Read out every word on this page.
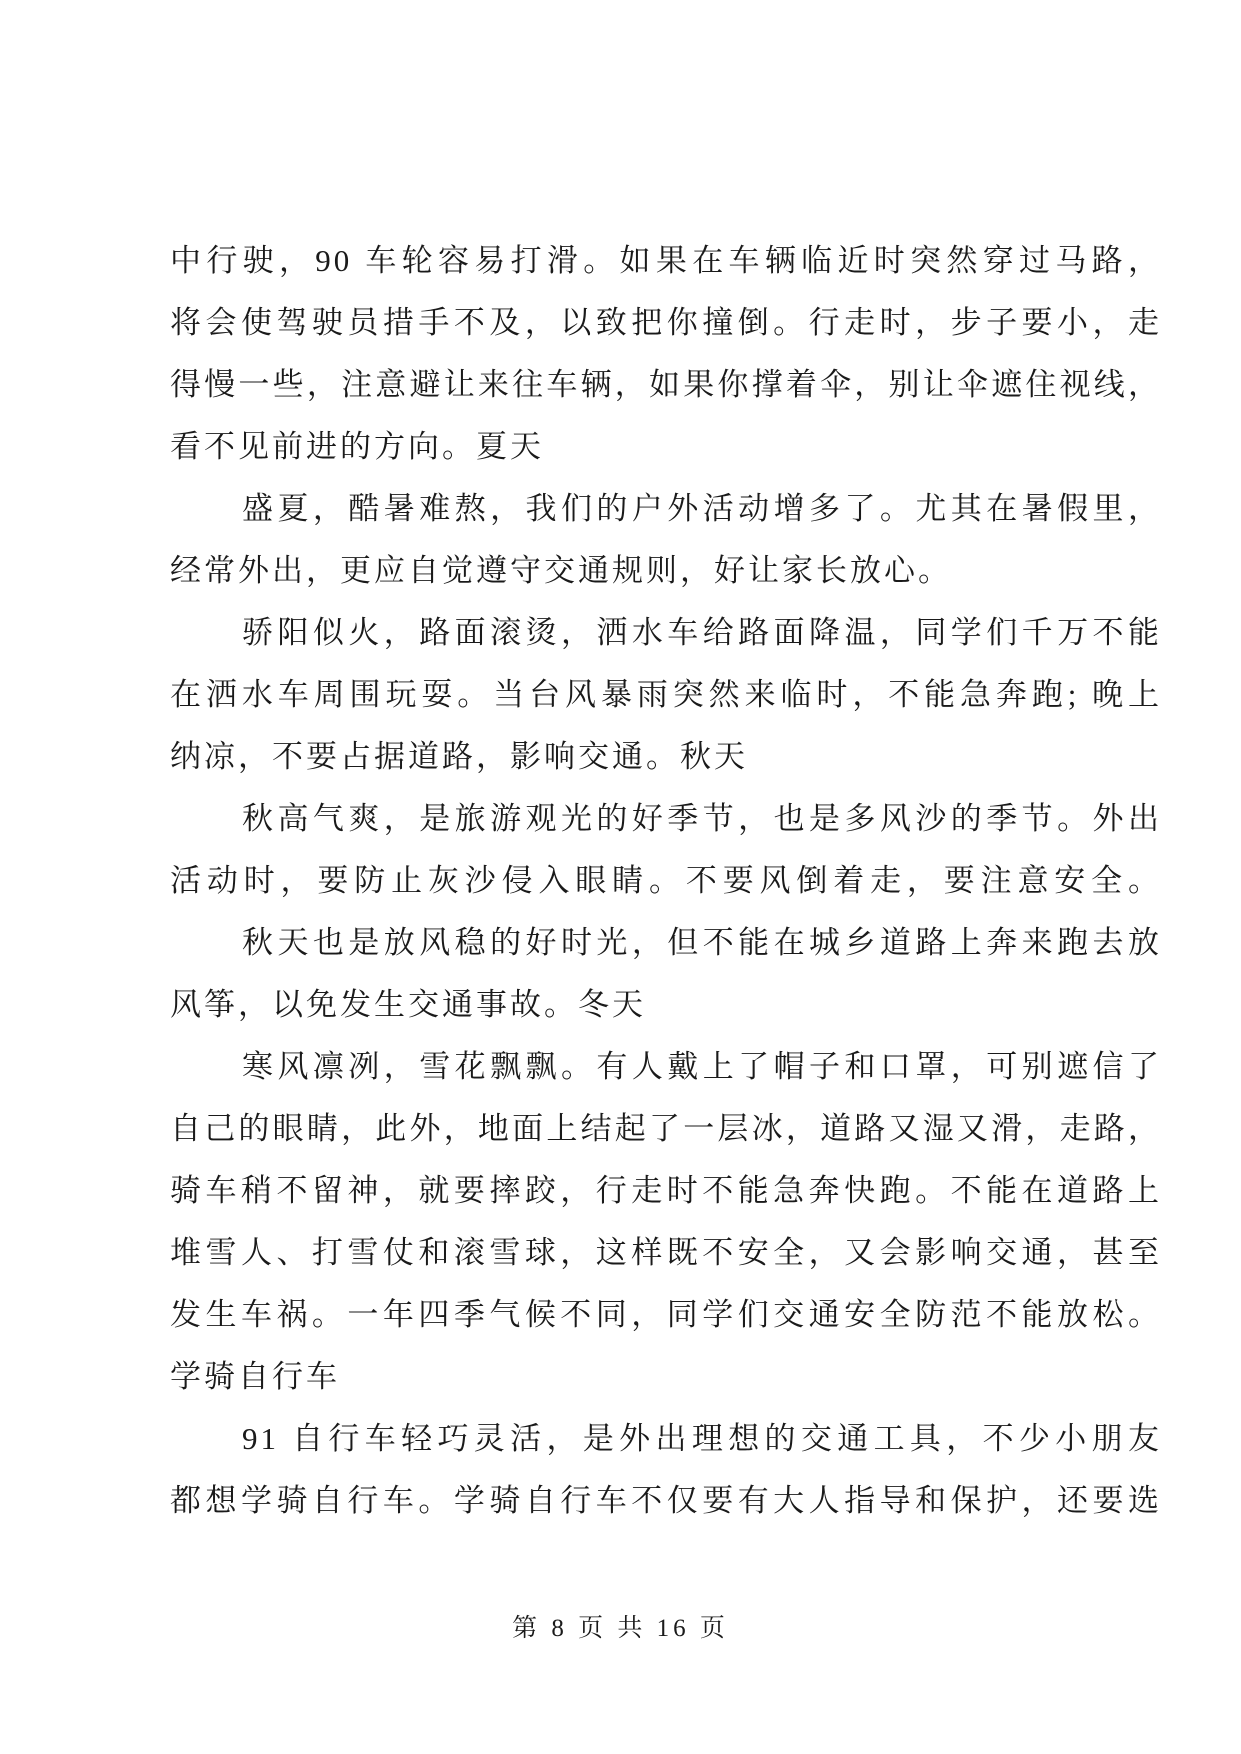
中行驶，90 车轮容易打滑。如果在车辆临近时突然穿过马路，
将会使驾驶员措手不及，以致把你撞倒。行走时，步子要小，走
得慢一些，注意避让来往车辆，如果你撑着伞，别让伞遮住视线，
看不见前进的方向。夏天
盛夏，酷暑难熬，我们的户外活动增多了。尤其在暑假里，
经常外出，更应自觉遵守交通规则，好让家长放心。
骄阳似火，路面滚烫，洒水车给路面降温，同学们千万不能
在洒水车周围玩耍。当台风暴雨突然来临时，不能急奔跑; 晚上
纳凉，不要占据道路，影响交通。秋天
秋高气爽，是旅游观光的好季节，也是多风沙的季节。外出
活动时，要防止灰沙侵入眼睛。不要风倒着走，要注意安全。
秋天也是放风稳的好时光，但不能在城乡道路上奔来跑去放
风筝，以免发生交通事故。冬天
寒风凛冽，雪花飘飘。有人戴上了帽子和口罩，可别遮信了
自己的眼睛，此外，地面上结起了一层冰，道路又湿又滑，走路，
骑车稍不留神，就要摔跤，行走时不能急奔快跑。不能在道路上
堆雪人、打雪仗和滚雪球，这样既不安全，又会影响交通，甚至
发生车祸。一年四季气候不同，同学们交通安全防范不能放松。
学骑自行车
91 自行车轻巧灵活，是外出理想的交通工具，不少小朋友
都想学骑自行车。学骑自行车不仅要有大人指导和保护，还要选
第 8 页 共 16 页
